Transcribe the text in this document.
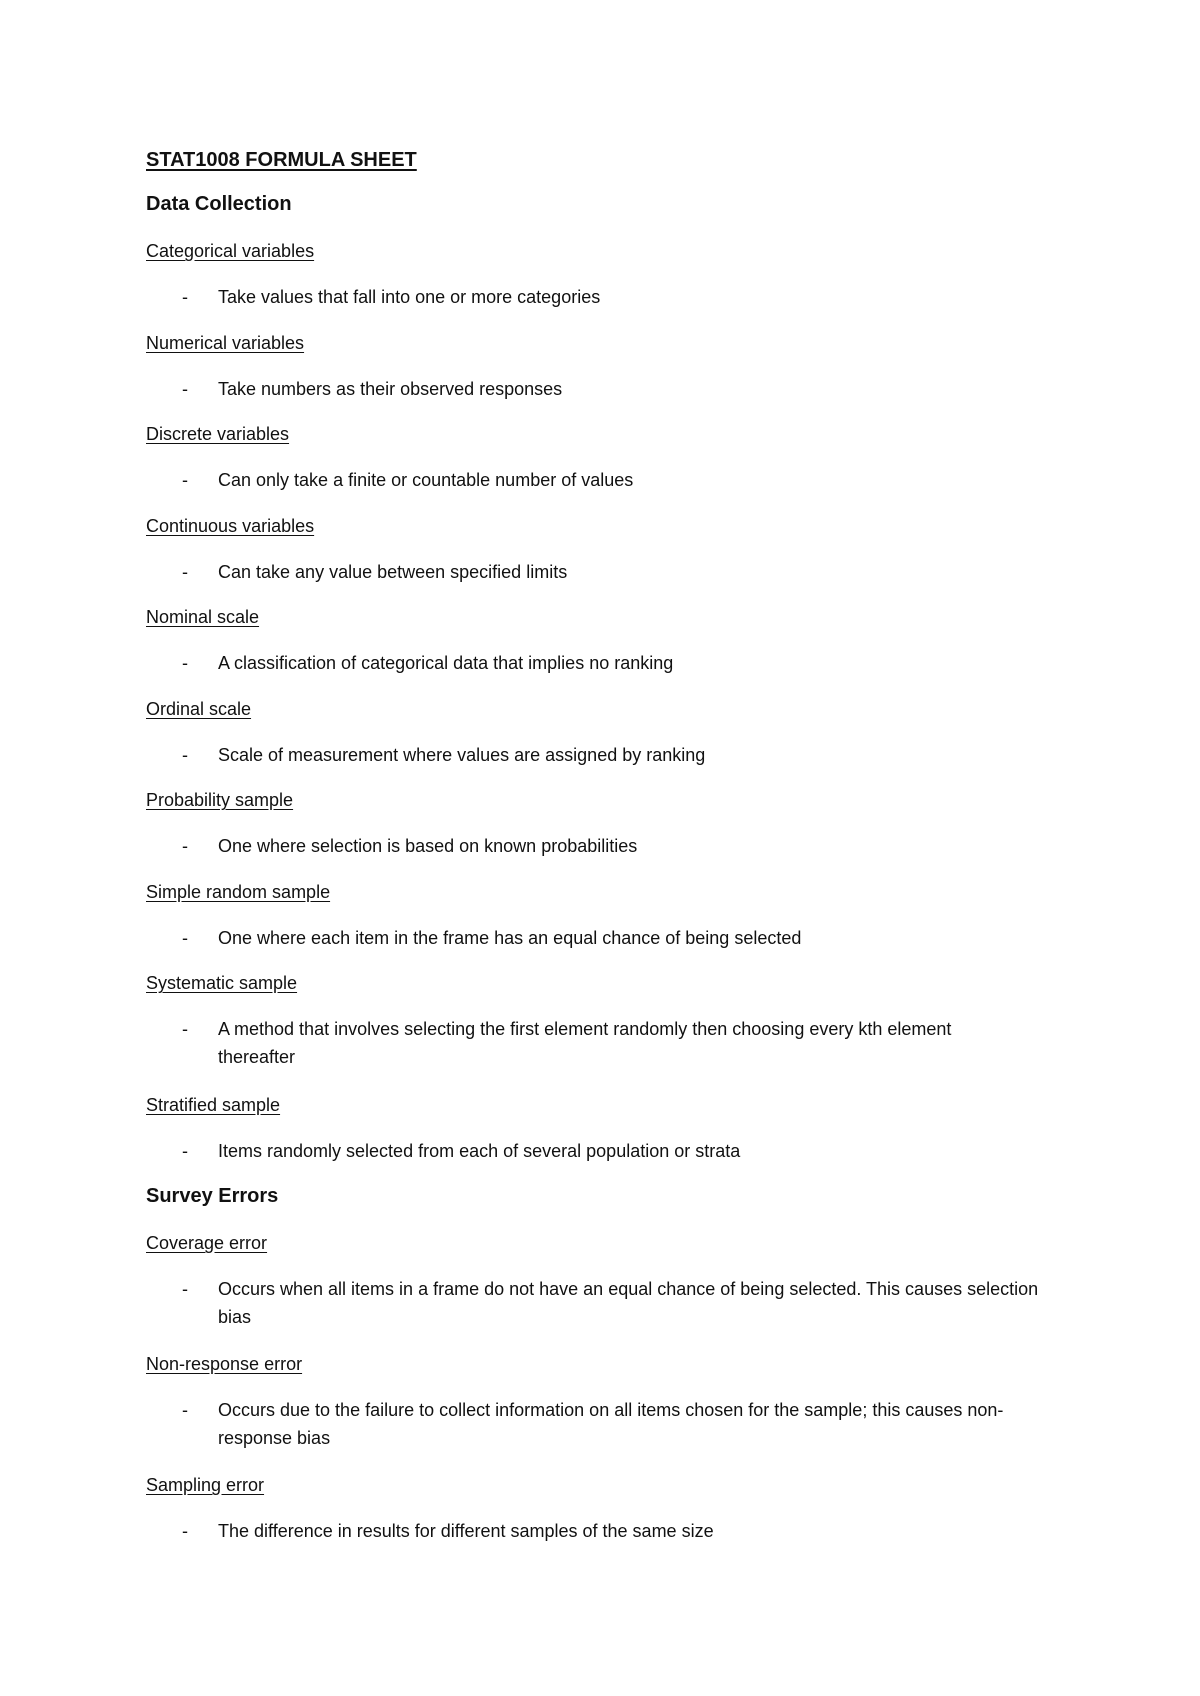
STAT1008 FORMULA SHEET
Data Collection
Categorical variables
- Take values that fall into one or more categories
Numerical variables
- Take numbers as their observed responses
Discrete variables
- Can only take a finite or countable number of values
Continuous variables
- Can take any value between specified limits
Nominal scale
- A classification of categorical data that implies no ranking
Ordinal scale
- Scale of measurement where values are assigned by ranking
Probability sample
- One where selection is based on known probabilities
Simple random sample
- One where each item in the frame has an equal chance of being selected
Systematic sample
- A method that involves selecting the first element randomly then choosing every kth element thereafter
Stratified sample
- Items randomly selected from each of several population or strata
Survey Errors
Coverage error
- Occurs when all items in a frame do not have an equal chance of being selected. This causes selection bias
Non-response error
- Occurs due to the failure to collect information on all items chosen for the sample; this causes non-response bias
Sampling error
- The difference in results for different samples of the same size
